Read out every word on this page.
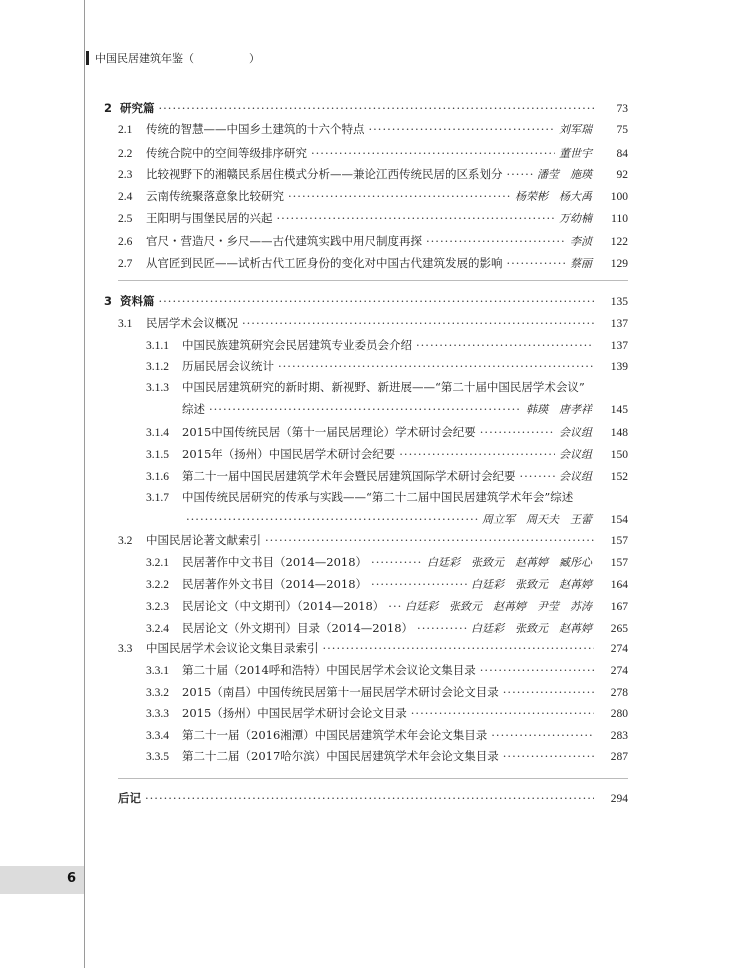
中国民居建筑年鉴（　　　　　）
2 研究篇 ·····	73
2.1	传统的智慧——中国乡土建筑的十六个特点 ·····	刘军瑞	75
2.2	传统合院中的空间等级排序研究 ·····	董世宇	84
2.3	比较视野下的湘赣民系居住模式分析——兼论江西传统民居的区系划分 ·····	潘莹　施瑛	92
2.4	云南传统聚落意象比较研究 ·····	杨荣彬　杨大禹	100
2.5	王阳明与围堡民居的兴起 ·····	万幼楠	110
2.6	官尺・营造尺・乡尺——古代建筑实践中用尺制度再探 ·····	李浈	122
2.7	从官匠到民匠——试析古代工匠身份的变化对中国古代建筑发展的影响 ·····	蔡丽	129
3 资料篇 ·····	135
3.1	民居学术会议概况 ·····	137
3.1.1	中国民族建筑研究会民居建筑专业委员会介绍 ·····	137
3.1.2	历届民居会议统计 ·····	139
3.1.3	中国民居建筑研究的新时期、新视野、新进展——“第二十届中国民居学术会议”
综述 ·····	韩瑛　唐孝祥	145
3.1.4	2015中国传统民居（第十一届民居理论）学术研讨会纪要 ·····	会议组	148
3.1.5	2015年（扬州）中国民居学术研讨会纪要 ·····	会议组	150
3.1.6	第二十一届中国民居建筑学术年会暨民居建筑国际学术研讨会纪要 ·····	会议组	152
3.1.7	中国传统民居研究的传承与实践——“第二十二届中国民居建筑学术年会”综述
·····
周立军　周天夫　王蕾	154
3.2	中国民居论著文献索引 ·····	157
3.2.1	民居著作中文书目（2014—2018） ·····	白廷彩　张致元　赵苒婷　臧彤心	157
3.2.2	民居著作外文书目（2014—2018） ·····	白廷彩　张致元　赵苒婷	164
3.2.3	民居论文（中文期刊）（2014—2018） ····· 白廷彩　张致元　赵苒婷　尹莹　苏涛	167
3.2.4	民居论文（外文期刊）目录（2014—2018） ·····	白廷彩　张致元　赵苒婷	265
3.3	中国民居学术会议论文集目录索引 ·····	274
3.3.1	第二十届（2014呼和浩特）中国民居学术会议论文集目录 ·····	274
3.3.2	2015（南昌）中国传统民居第十一届民居学术研讨会论文目录 ·····	278
3.3.3	2015（扬州）中国民居学术研讨会论文目录 ·····	280
3.3.4	第二十一届（2016湘潭）中国民居建筑学术年会论文集目录 ·····	283
3.3.5	第二十二届（2017哈尔滨）中国民居建筑学术年会论文集目录 ·····	287
后记 ·····	294
6
